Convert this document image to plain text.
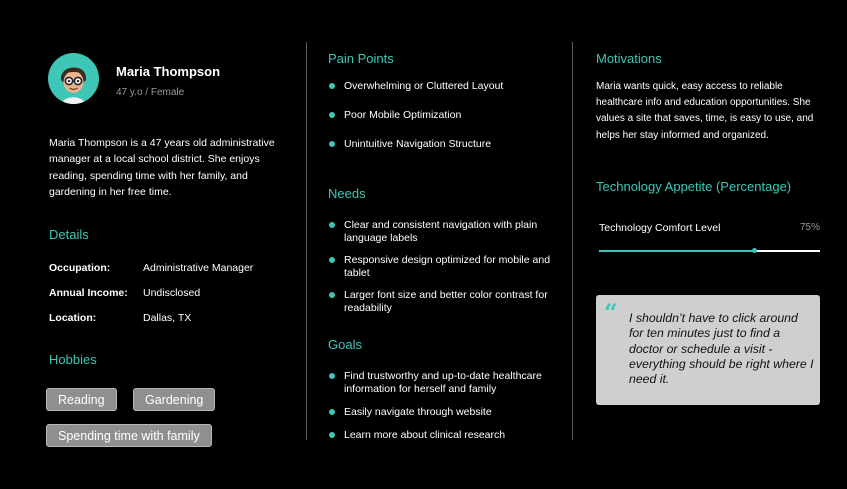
Maria Thompson
47 y.o / Female
Maria Thompson is a 47 years old administrative manager at a local school district. She enjoys reading, spending time with her family, and gardening in her free time.
Details
Occupation:	Administrative Manager
Annual Income: Undisclosed
Location:	Dallas, TX
Hobbies
Reading	Gardening
Spending time with family
Pain Points
Overwhelming or Cluttered Layout
Poor Mobile Optimization
Unintuitive Navigation Structure
Needs
Clear and consistent navigation with plain language labels
Responsive design optimized for mobile and tablet
Larger font size and better color contrast for readability
Goals
Find trustworthy and up-to-date healthcare information for herself and family
Easily navigate through website
Learn more about clinical research
Motivations
Maria wants quick, easy access to reliable healthcare info and education opportunities. She values a site that saves, time, is easy to use, and helps her stay informed and organized.
Technology Appetite (Percentage)
Technology Comfort Level	75%
“ I shouldn’t have to click around for ten minutes just to find a doctor or schedule a visit - everything should be right where I need it.
